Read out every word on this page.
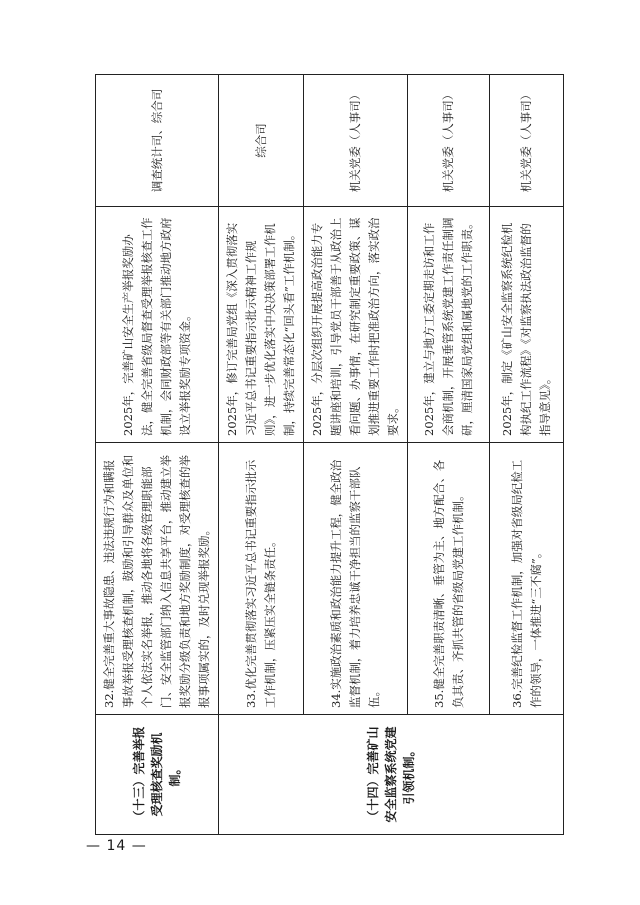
（十三）完善举报受理核查奖励机制。	32.健全完善重大事故隐患、违法违规行为和瞒报事故举报受理核查机制，鼓励和引导群众及单位和个人依法实名举报，推动各地将各级管理职能部门、安全监管部门纳入信息共享平台，推动建立举报奖励分级负责和地方奖励制度，对受理核查的举报事项属实的，及时兑现举报奖励。	2025年，完善矿山安全生产举报奖励办法，健全完善省级局督查受理举报核查工作机制，会同财政部等有关部门推动地方政府设立举报奖励专项资金。	调查统计司、综合司
（十四）完善矿山安全监察系统党建引领机制。	33.优化完善贯彻落实习近平总书记重要指示批示工作机制，压紧压实全链条责任。	2025年，修订完善局党组《深入贯彻落实习近平总书记重要指示批示精神工作规则》，进一步优化落实中央决策部署工作机制，持续完善常态化“回头看”工作机制。	综合司
	34.实施政治素质和政治能力提升工程，健全政治监督机制，着力培养忠诚干净担当的监察干部队伍。	2025年，分层次组织开展提高政治能力专题讲座和培训，引导党员干部善于从政治上看问题、办事情，在研究制定重要政策、谋划推进重要工作时把准政治方向，落实政治要求。	机关党委（人事司）
	35.健全完善职责清晰、垂管为主、地方配合、各负其责、齐抓共管的省级局党建工作机制。	2025年，建立与地方工委定期走访和工作会商机制，开展垂管系统党建工作责任制调研，厘清国家局党组和属地党的工作职责。	机关党委（人事司）
	36.完善纪检监督工作机制，加强对省级局纪检工作的领导，一体推进“三不腐”。	2025年，制定《矿山安全监察系统纪检机构执纪工作流程》《对监察执法政治监督的指导意见》。	机关党委（人事司）
— 14 —
